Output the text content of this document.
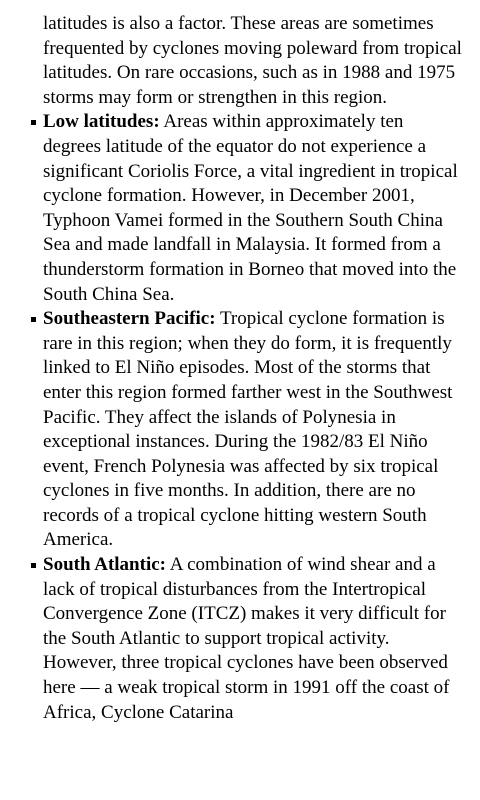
latitudes is also a factor. These areas are sometimes frequented by cyclones moving poleward from tropical latitudes. On rare occasions, such as in 1988 and 1975 storms may form or strengthen in this region.

Low latitudes: Areas within approximately ten degrees latitude of the equator do not experience a significant Coriolis Force, a vital ingredient in tropical cyclone formation. However, in December 2001, Typhoon Vamei formed in the Southern South China Sea and made landfall in Malaysia. It formed from a thunderstorm formation in Borneo that moved into the South China Sea.
Southeastern Pacific: Tropical cyclone formation is rare in this region; when they do form, it is frequently linked to El Niño episodes. Most of the storms that enter this region formed farther west in the Southwest Pacific. They affect the islands of Polynesia in exceptional instances. During the 1982/83 El Niño event, French Polynesia was affected by six tropical cyclones in five months. In addition, there are no records of a tropical cyclone hitting western South America.
South Atlantic: A combination of wind shear and a lack of tropical disturbances from the Intertropical Convergence Zone (ITCZ) makes it very difficult for the South Atlantic to support tropical activity. However, three tropical cyclones have been observed here — a weak tropical storm in 1991 off the coast of Africa, Cyclone Catarina
